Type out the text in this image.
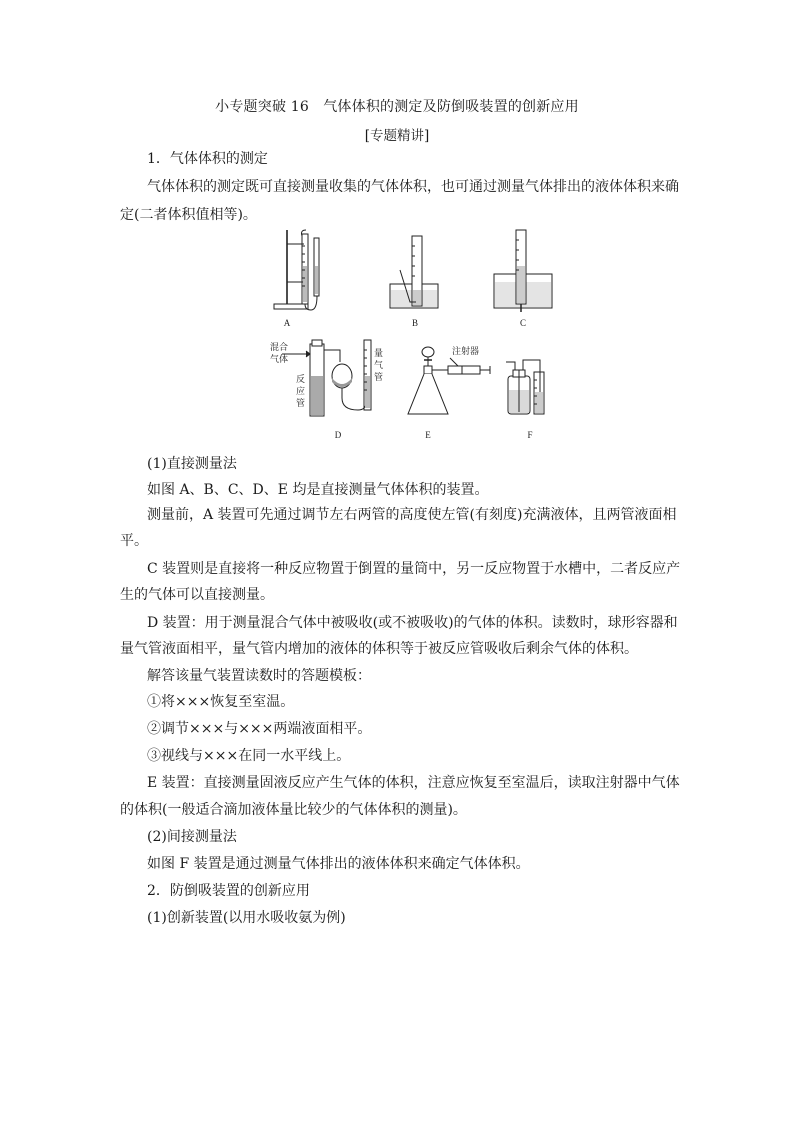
小专题突破 16　气体体积的测定及防倒吸装置的创新应用
[专题精讲]
1．气体体积的测定
气体体积的测定既可直接测量收集的气体体积，也可通过测量气体排出的液体体积来确
定(二者体积值相等)。
A	B	C
混合 气体
反 应 管
量 气 管
D
注射器
E	F
(1)直接测量法
如图 A、B、C、D、E 均是直接测量气体体积的装置。
测量前，A 装置可先通过调节左右两管的高度使左管(有刻度)充满液体，且两管液面相
平。
C 装置则是直接将一种反应物置于倒置的量筒中，另一反应物置于水槽中，二者反应产
生的气体可以直接测量。
D 装置：用于测量混合气体中被吸收(或不被吸收)的气体的体积。读数时，球形容器和
量气管液面相平，量气管内增加的液体的体积等于被反应管吸收后剩余气体的体积。
解答该量气装置读数时的答题模板：
①将×××恢复至室温。
②调节×××与×××两端液面相平。
③视线与×××在同一水平线上。
E 装置：直接测量固液反应产生气体的体积，注意应恢复至室温后，读取注射器中气体
的体积(一般适合滴加液体量比较少的气体体积的测量)。
(2)间接测量法
如图 F 装置是通过测量气体排出的液体体积来确定气体体积。
2．防倒吸装置的创新应用
(1)创新装置(以用水吸收氨为例)
